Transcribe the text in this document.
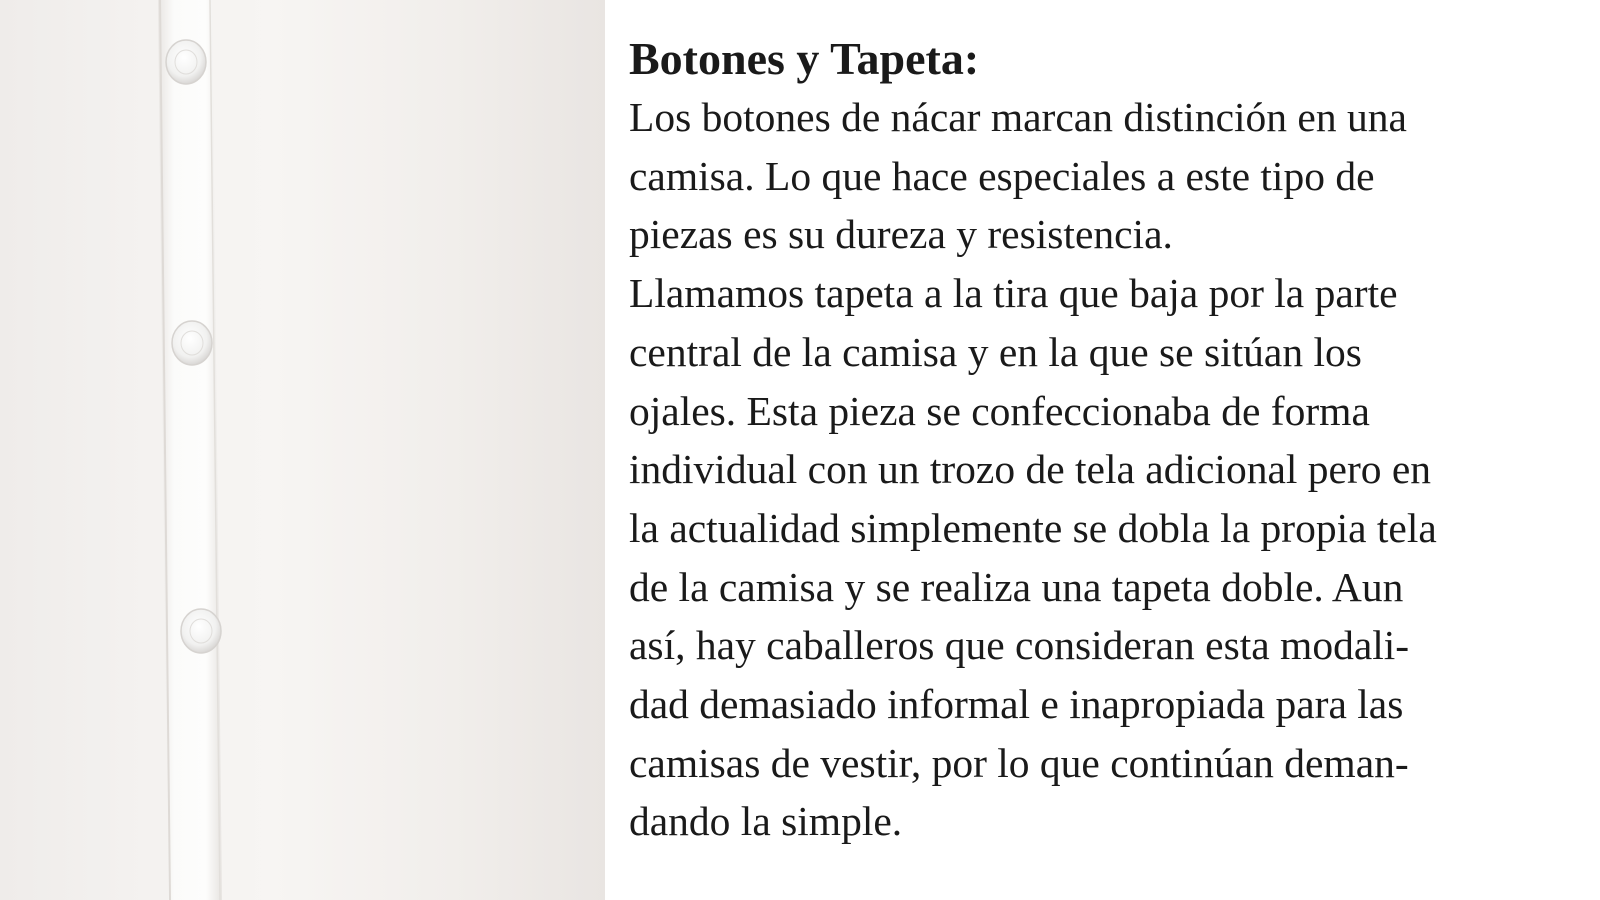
Botones y Tapeta:

Los botones de nácar marcan distinción en una

camisa. Lo que hace especiales a este tipo de

piezas es su dureza y resistencia.

Llamamos tapeta a la tira que baja por la parte

central de la camisa y en la que se sitúan los

ojales. Esta pieza se confeccionaba de forma

individual con un trozo de tela adicional pero en

la actualidad simplemente se dobla la propia tela

de la camisa y se realiza una tapeta doble. Aun

así, hay caballeros que consideran esta modali-

dad demasiado informal e inapropiada para las

camisas de vestir, por lo que continúan deman-

dando la simple.
